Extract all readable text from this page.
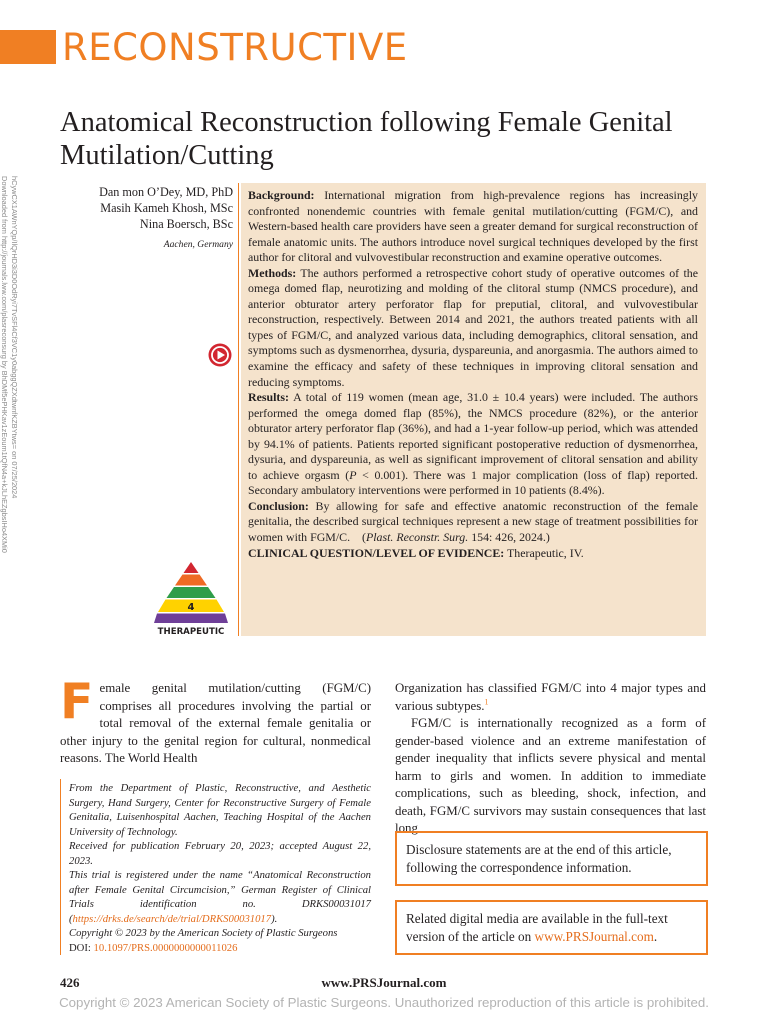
RECONSTRUCTIVE
Anatomical Reconstruction following Female Genital Mutilation/Cutting
Downloaded from http://journals.lww.com/plasreconsurg by BhDMf5ePHKav1zEoum1tQfN4a+kJLhEZgbsIHo4XMi0 hCywCX1AWnYQp/IlQrHD3i3D0OdRyi7TvSFl4Cf3VC1y0abggQZXdtwnfKZBYtws= on 07/25/2024	Dan mon O’Dey, MD, PhD
Masih Kameh Khosh, MSc
Nina Boersch, BSc
Aachen, Germany

Background: International migration from high-prevalence regions has increasingly confronted nonendemic countries with female genital mutilation/cutting (FGM/C), and Western-based health care providers have seen a greater demand for surgical reconstruction of female anatomic units. The authors introduce novel surgical techniques developed by the first author for clitoral and vulvovestibular reconstruction and examine operative outcomes.

Methods: The authors performed a retrospective cohort study of operative outcomes of the omega domed flap, neurotizing and molding of the clitoral stump (NMCS procedure), and anterior obturator artery perforator flap for preputial, clitoral, and vulvovestibular reconstruction, respectively. Between 2014 and 2021, the authors treated patients with all types of FGM/C, and analyzed various data, including demographics, clitoral sensation, and symptoms such as dysmenorrhea, dysuria, dyspareunia, and anorgasmia. The authors aimed to examine the efficacy and safety of these techniques in improving clitoral sensation and reducing symptoms.

Results: A total of 119 women (mean age, 31.0 ± 10.4 years) were included. The authors performed the omega domed flap (85%), the NMCS procedure (82%), or the anterior obturator artery perforator flap (36%), and had a 1-year follow-up period, which was attended by 94.1% of patients. Patients reported significant postoperative reduction of dysmenorrhea, dysuria, and dyspareunia, as well as significant improvement of clitoral sensation and ability to achieve orgasm (P < 0.001). There was 1 major complication (loss of flap) reported. Secondary ambulatory interventions were performed in 10 patients (8.4%).

Conclusion: By allowing for safe and effective anatomic reconstruction of the female genitalia, the described surgical techniques represent a new stage of treatment possibilities for women with FGM/C. (Plast. Reconstr. Surg. 154: 426, 2024.)

CLINICAL QUESTION/LEVEL OF EVIDENCE: Therapeutic, IV.

4
THERAPEUTIC
Female genital mutilation/cutting (FGM/C) comprises all procedures involving the partial or total removal of the external female genitalia or other injury to the genital region for cultural, nonmedical reasons. The World Health
From the Department of Plastic, Reconstructive, and Aesthetic Surgery, Hand Surgery, Center for Reconstructive Surgery of Female Genitalia, Luisenhospital Aachen, Teaching Hospital of the Aachen University of Technology.
Received for publication February 20, 2023; accepted August 22, 2023.
This trial is registered under the name “Anatomical Reconstruction after Female Genital Circumcision,” German Register of Clinical Trials identification no. DRKS00031017 (https://drks.de/search/de/trial/DRKS00031017).
Copyright © 2023 by the American Society of Plastic Surgeons
DOI: 10.1097/PRS.0000000000011026

Organization has classified FGM/C into 4 major types and various subtypes.$^1$

FGM/C is internationally recognized as a form of gender-based violence and an extreme manifestation of gender inequality that inflicts severe physical and mental harm to girls and women. In addition to immediate complications, such as bleeding, shock, infection, and death, FGM/C survivors may sustain consequences that last long

Disclosure statements are at the end of this article, following the correspondence information.
Related digital media are available in the full-text version of the article on www.PRSJournal.com.
426	www.PRSJournal.com
Copyright © 2023 American Society of Plastic Surgeons. Unauthorized reproduction of this article is prohibited.
